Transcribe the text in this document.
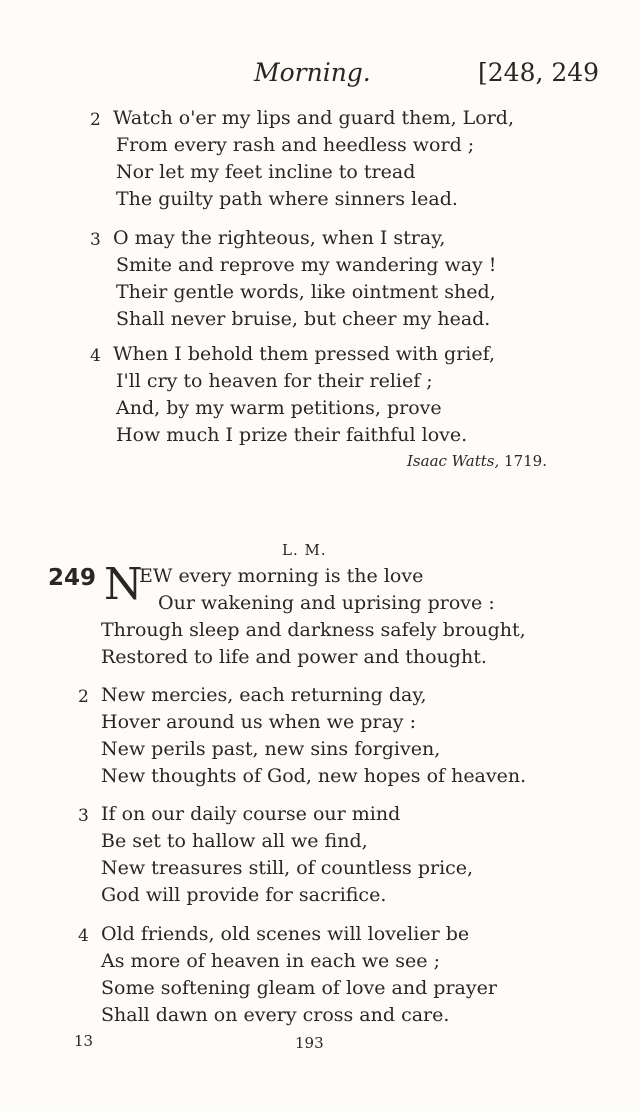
Morning.	[248, 249
2 Watch o'er my lips and guard them, Lord,
From every rash and heedless word ;
Nor let my feet incline to tread
The guilty path where sinners lead.
3 O may the righteous, when I stray,
Smite and reprove my wandering way !
Their gentle words, like ointment shed,
Shall never bruise, but cheer my head.
4 When I behold them pressed with grief,
I'll cry to heaven for their relief ;
And, by my warm petitions, prove
How much I prize their faithful love.
Isaac Watts, 1719.
L. M.
249 N
EW every morning is the love
Our wakening and uprising prove :
Through sleep and darkness safely brought,
Restored to life and power and thought.
2 New mercies, each returning day,
Hover around us when we pray :
New perils past, new sins forgiven,
New thoughts of God, new hopes of heaven.
3 If on our daily course our mind
Be set to hallow all we find,
New treasures still, of countless price,
God will provide for sacrifice.
4 Old friends, old scenes will lovelier be
As more of heaven in each we see ;
Some softening gleam of love and prayer
Shall dawn on every cross and care.
13	193
